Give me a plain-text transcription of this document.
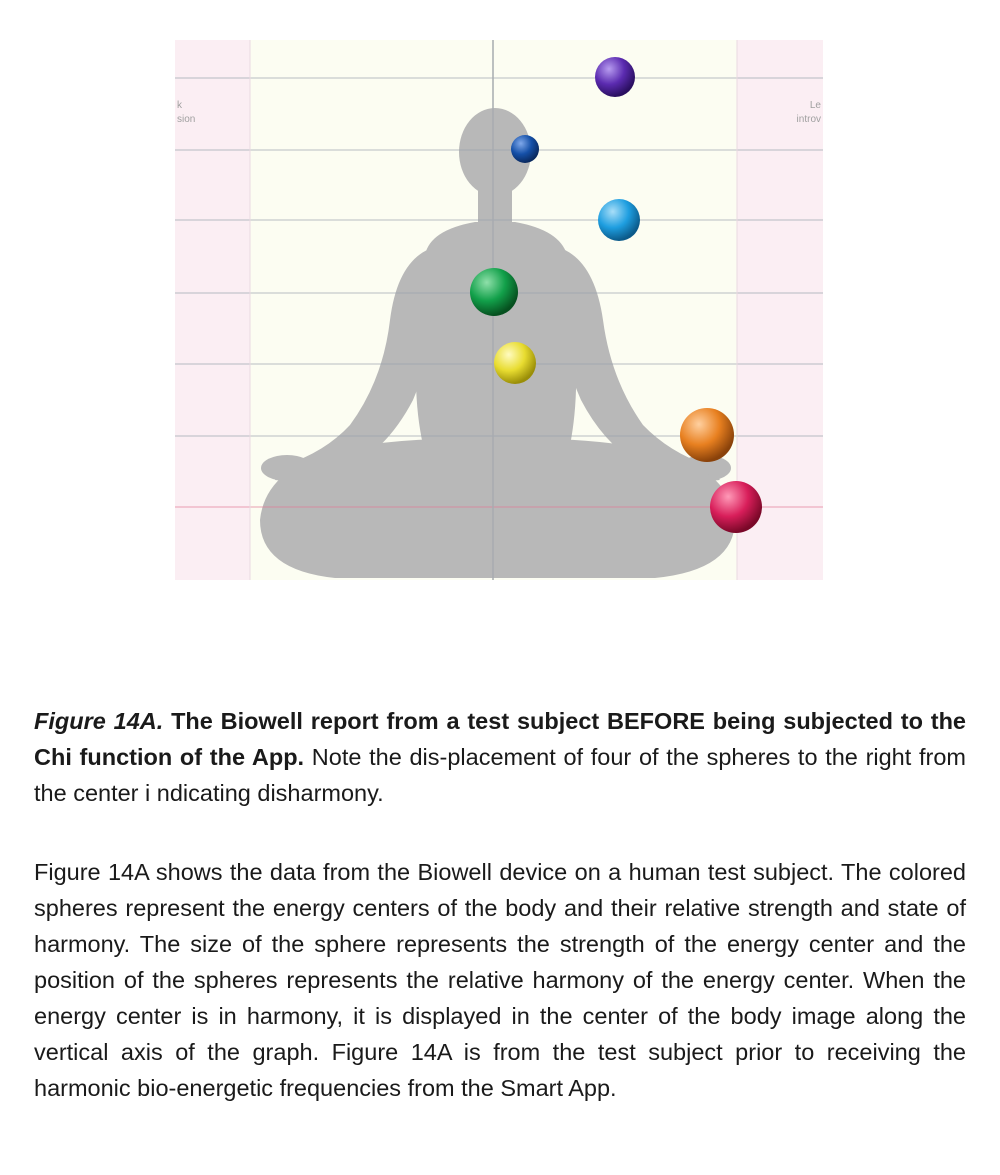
k
sion
Le
introv

Figure 14A. The Biowell report from a test subject BEFORE being subjected to the Chi function of the App. Note the dis-placement of four of the spheres to the right from the center i ndicating disharmony.

Figure 14A shows the data from the Biowell device on a human test subject. The colored spheres represent the energy centers of the body and their relative strength and state of harmony. The size of the sphere represents the strength of the energy center and the position of the spheres represents the relative harmony of the energy center. When the energy center is in harmony, it is displayed in the center of the body image along the vertical axis of the graph. Figure 14A is from the test subject prior to receiving the harmonic bio-energetic frequencies from the Smart App.
